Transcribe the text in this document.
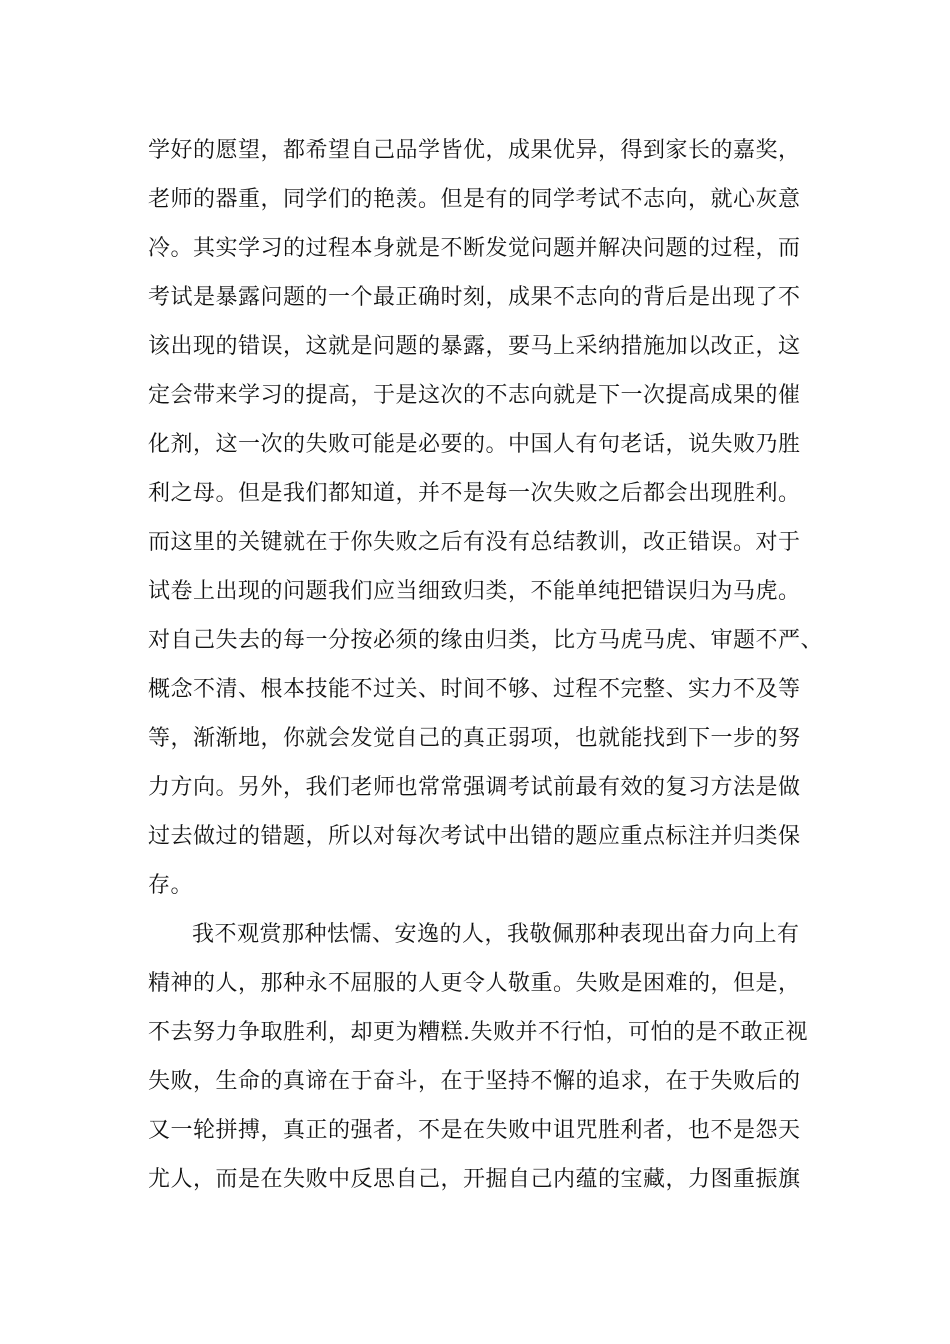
学好的愿望，都希望自己品学皆优，成果优异，得到家长的嘉奖，
老师的器重，同学们的艳羡。但是有的同学考试不志向，就心灰意
冷。其实学习的过程本身就是不断发觉问题并解决问题的过程，而
考试是暴露问题的一个最正确时刻，成果不志向的背后是出现了不
该出现的错误，这就是问题的暴露，要马上采纳措施加以改正，这
定会带来学习的提高，于是这次的不志向就是下一次提高成果的催
化剂，这一次的失败可能是必要的。中国人有句老话，说失败乃胜
利之母。但是我们都知道，并不是每一次失败之后都会出现胜利。
而这里的关键就在于你失败之后有没有总结教训，改正错误。对于
试卷上出现的问题我们应当细致归类，不能单纯把错误归为马虎。
对自己失去的每一分按必须的缘由归类，比方马虎马虎、审题不严、
概念不清、根本技能不过关、时间不够、过程不完整、实力不及等
等，渐渐地，你就会发觉自己的真正弱项，也就能找到下一步的努
力方向。另外，我们老师也常常强调考试前最有效的复习方法是做
过去做过的错题，所以对每次考试中出错的题应重点标注并归类保
存。
我不观赏那种怯懦、安逸的人，我敬佩那种表现出奋力向上有
精神的人，那种永不屈服的人更令人敬重。失败是困难的，但是，
不去努力争取胜利，却更为糟糕.失败并不行怕，可怕的是不敢正视
失败，生命的真谛在于奋斗，在于坚持不懈的追求，在于失败后的
又一轮拼搏，真正的强者，不是在失败中诅咒胜利者，也不是怨天
尤人，而是在失败中反思自己，开掘自己内蕴的宝藏，力图重振旗
